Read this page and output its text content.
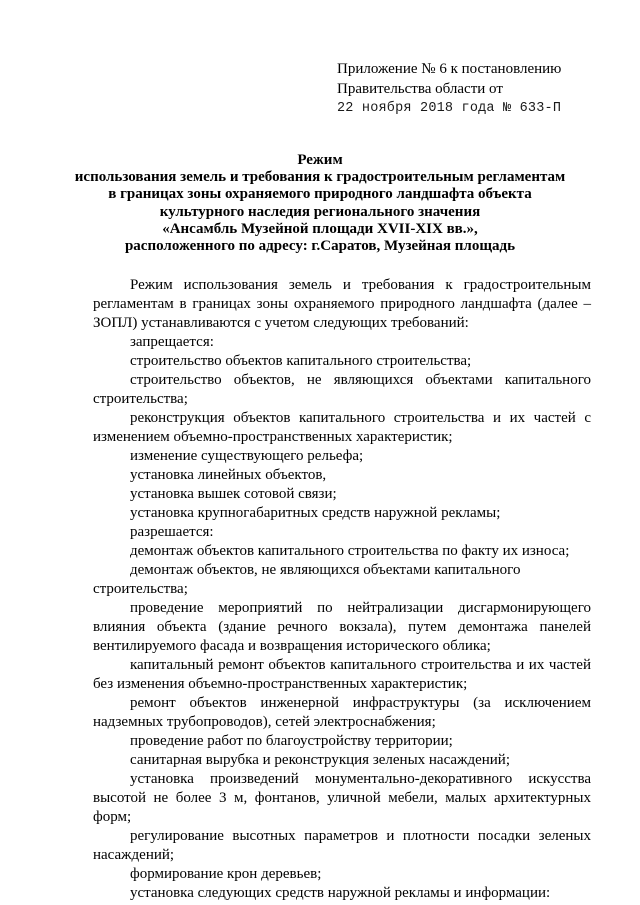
Приложение № 6 к постановлению
Правительства области от
22 ноября 2018 года № 633-П
Режим
использования земель и требования к градостроительным регламентам
в границах зоны охраняемого природного ландшафта объекта
культурного наследия регионального значения
«Ансамбль Музейной площади XVII-XIX вв.»,
расположенного по адресу: г.Саратов, Музейная площадь

Режим использования земель и требования к градостроительным регламентам в границах зоны охраняемого природного ландшафта (далее – ЗОПЛ) устанавливаются с учетом следующих требований:

запрещается:

строительство объектов капитального строительства;

строительство объектов, не являющихся объектами капитального строительства;

реконструкция объектов капитального строительства и их частей с изменением объемно-пространственных характеристик;

изменение существующего рельефа;

установка линейных объектов,

установка вышек сотовой связи;

установка крупногабаритных средств наружной рекламы;

разрешается:

демонтаж объектов капитального строительства по факту их износа;

демонтаж объектов, не являющихся объектами капитального строительства;

проведение мероприятий по нейтрализации дисгармонирующего влияния объекта (здание речного вокзала), путем демонтажа панелей вентилируемого фасада и возвращения исторического облика;

капитальный ремонт объектов капитального строительства и их частей без изменения объемно-пространственных характеристик;

ремонт объектов инженерной инфраструктуры (за исключением надземных трубопроводов), сетей электроснабжения;

проведение работ по благоустройству территории;

санитарная вырубка и реконструкция зеленых насаждений;

установка произведений монументально-декоративного искусства высотой не более 3 м, фонтанов, уличной мебели, малых архитектурных форм;

регулирование высотных параметров и плотности посадки зеленых насаждений;

формирование крон деревьев;

установка следующих средств наружной рекламы и информации:
